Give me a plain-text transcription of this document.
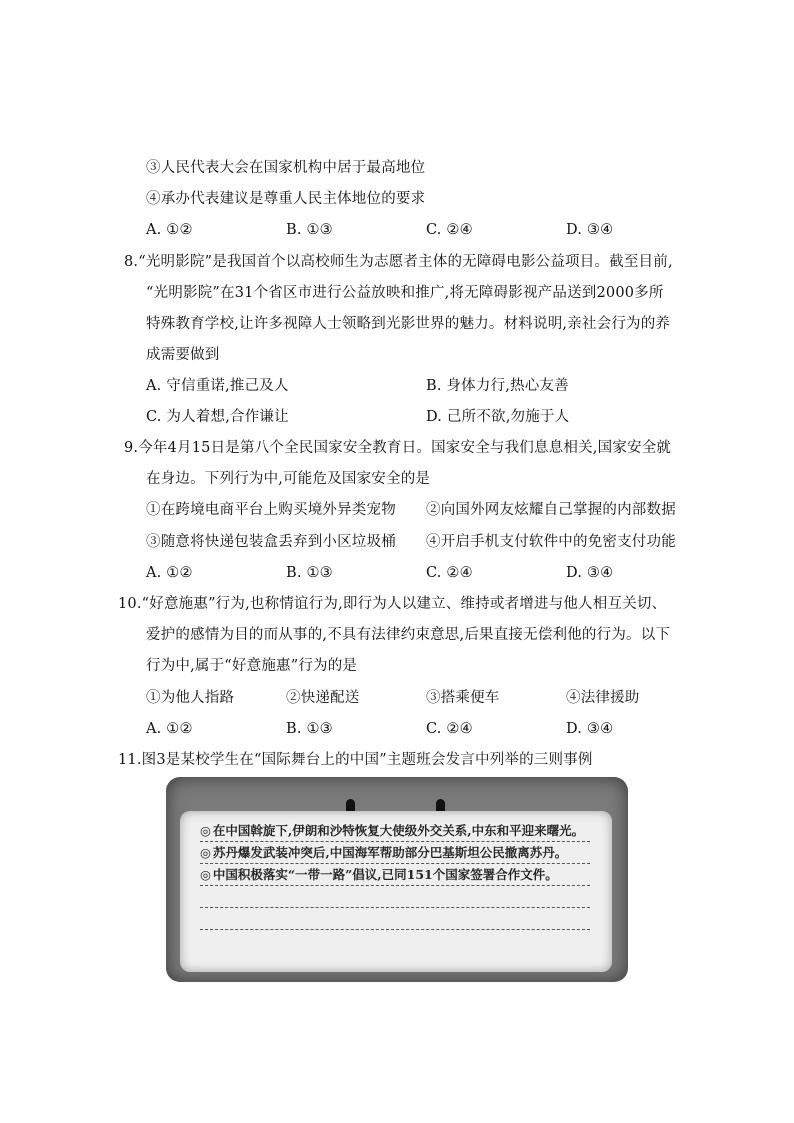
③人民代表大会在国家机构中居于最高地位
④承办代表建议是尊重人民主体地位的要求
A. ①②	B. ①③	C. ②④	D. ③④
8.“光明影院”是我国首个以高校师生为志愿者主体的无障碍电影公益项目。截至目前,
“光明影院”在31个省区市进行公益放映和推广,将无障碍影视产品送到2000多所
特殊教育学校,让许多视障人士领略到光影世界的魅力。材料说明,亲社会行为的养
成需要做到
A. 守信重诺,推己及人	B. 身体力行,热心友善
C. 为人着想,合作谦让	D. 己所不欲,勿施于人
9.今年4月15日是第八个全民国家安全教育日。国家安全与我们息息相关,国家安全就
在身边。下列行为中,可能危及国家安全的是
①在跨境电商平台上购买境外异类宠物 ②向国外网友炫耀自己掌握的内部数据
③随意将快递包装盒丢弃到小区垃圾桶 ④开启手机支付软件中的免密支付功能
A. ①②	B. ①③	C. ②④	D. ③④
10.“好意施惠”行为,也称情谊行为,即行为人以建立、维持或者增进与他人相互关切、
爱护的感情为目的而从事的,不具有法律约束意思,后果直接无偿利他的行为。以下
行为中,属于“好意施惠”行为的是
①为他人指路	②快递配送	③搭乘便车	④法律援助
A. ①②	B. ①③	C. ②④	D. ③④
11.图3是某校学生在“国际舞台上的中国”主题班会发言中列举的三则事例
◎ 在中国斡旋下,伊朗和沙特恢复大使级外交关系,中东和平迎来曙光。
◎ 苏丹爆发武装冲突后,中国海军帮助部分巴基斯坦公民撤离苏丹。
◎ 中国积极落实“一带一路”倡议,已同151个国家签署合作文件。
